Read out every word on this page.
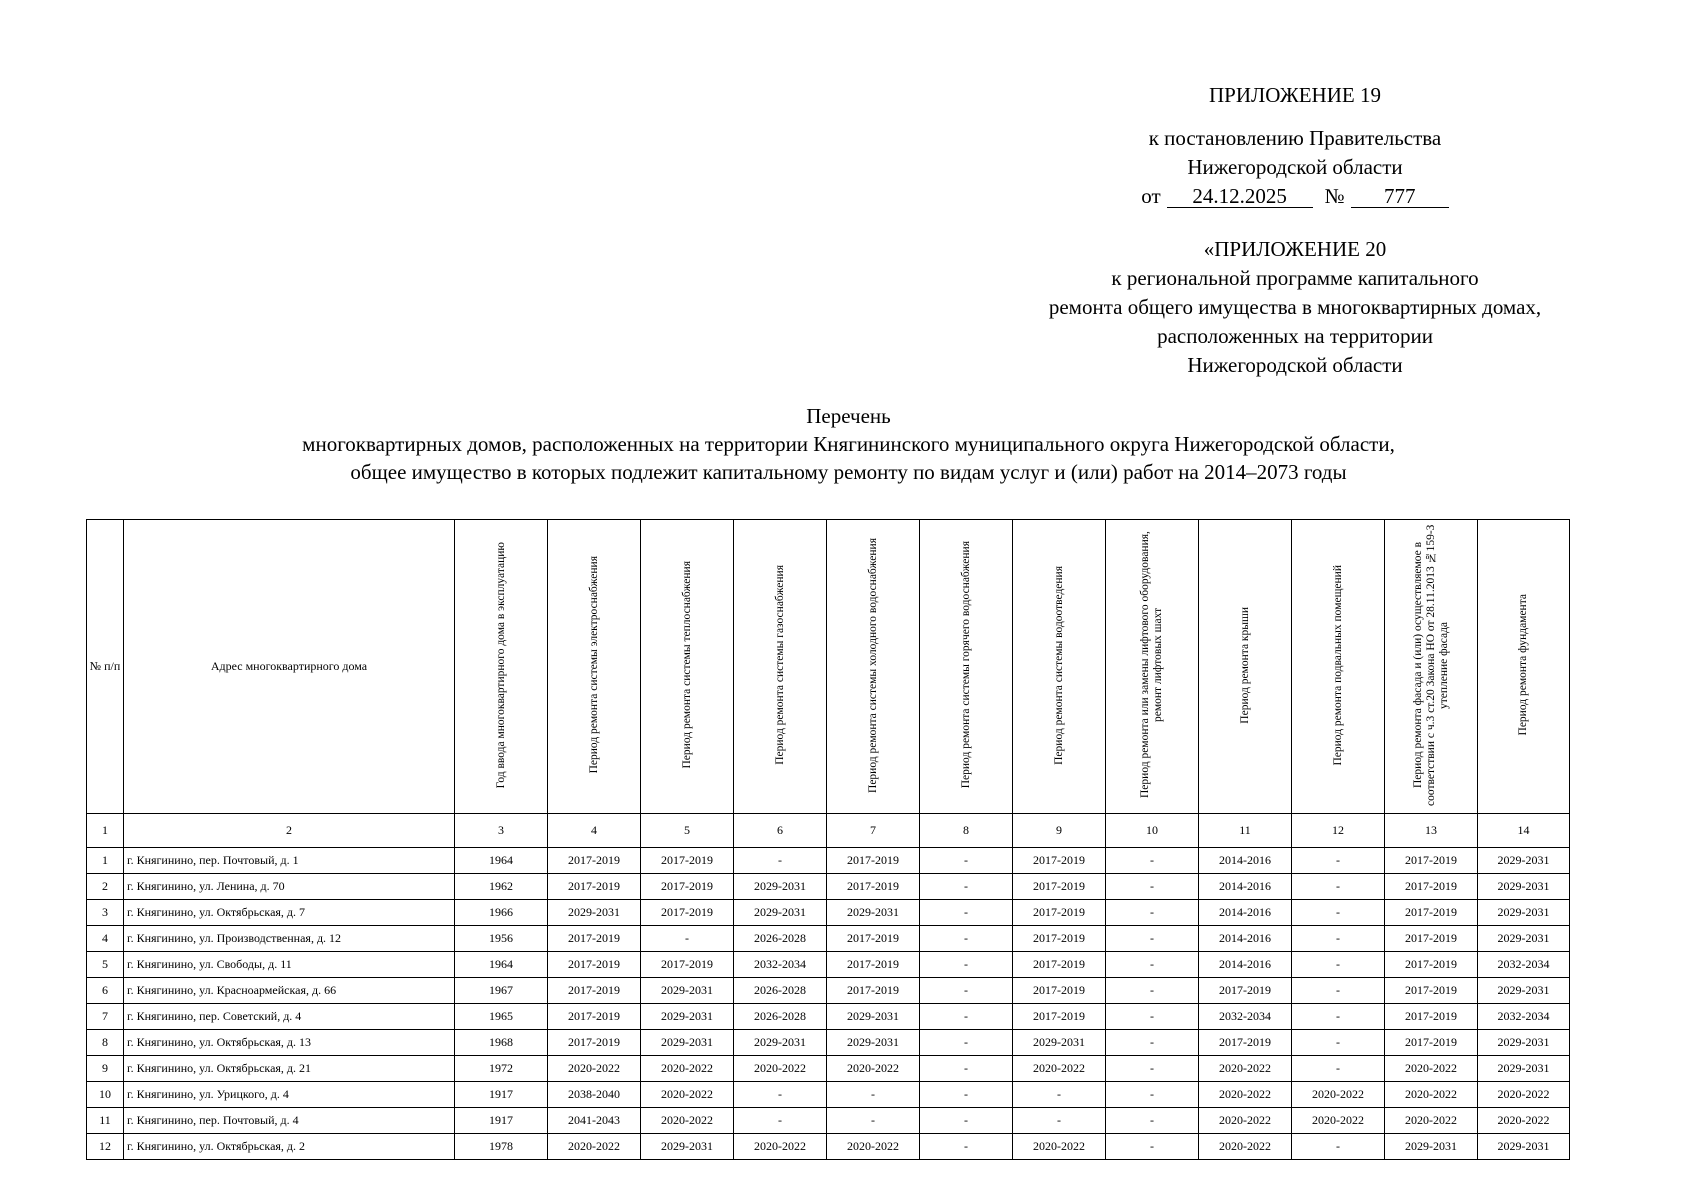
ПРИЛОЖЕНИЕ 19
к постановлению Правительства
Нижегородской области
от	24.12.2025	№	777
«ПРИЛОЖЕНИЕ 20
к региональной программе капитального
ремонта общего имущества в многоквартирных домах,
расположенных на территории
Нижегородской области
Перечень
многоквартирных домов, расположенных на территории Княгининского муниципального округа Нижегородской области,
общее имущество в которых подлежит капитальному ремонту по видам услуг и (или) работ на 2014–2073 годы
№ п/п	Адрес многоквартирного дома	Год ввода многоквартирного дома в эксплуатацию	Период ремонта системы электроснабжения	Период ремонта системы теплоснабжения	Период ремонта системы газоснабжения	Период ремонта системы холодного водоснабжения	Период ремонта системы горячего водоснабжения	Период ремонта системы водоотведения	Период ремонта или замены лифтового оборудования, ремонт лифтовых шахт	Период ремонта крыши	Период ремонта подвальных помещений	Период ремонта фасада и (или) осуществляемое в соответствии с ч.3 ст.20 Закона НО от 28.11.2013 №159-З утепление фасада	Период ремонта фундамента
1	2	3	4	5	6	7	8	9	10	11	12	13	14
1	г. Княгинино, пер. Почтовый, д. 1	1964	2017-2019	2017-2019	-	2017-2019	-	2017-2019	-	2014-2016	-	2017-2019	2029-2031
2	г. Княгинино, ул. Ленина, д. 70	1962	2017-2019	2017-2019	2029-2031	2017-2019	-	2017-2019	-	2014-2016	-	2017-2019	2029-2031
3	г. Княгинино, ул. Октябрьская, д. 7	1966	2029-2031	2017-2019	2029-2031	2029-2031	-	2017-2019	-	2014-2016	-	2017-2019	2029-2031
4	г. Княгинино, ул. Производственная, д. 12	1956	2017-2019	-	2026-2028	2017-2019	-	2017-2019	-	2014-2016	-	2017-2019	2029-2031
5	г. Княгинино, ул. Свободы, д. 11	1964	2017-2019	2017-2019	2032-2034	2017-2019	-	2017-2019	-	2014-2016	-	2017-2019	2032-2034
6	г. Княгинино, ул. Красноармейская, д. 66	1967	2017-2019	2029-2031	2026-2028	2017-2019	-	2017-2019	-	2017-2019	-	2017-2019	2029-2031
7	г. Княгинино, пер. Советский, д. 4	1965	2017-2019	2029-2031	2026-2028	2029-2031	-	2017-2019	-	2032-2034	-	2017-2019	2032-2034
8	г. Княгинино, ул. Октябрьская, д. 13	1968	2017-2019	2029-2031	2029-2031	2029-2031	-	2029-2031	-	2017-2019	-	2017-2019	2029-2031
9	г. Княгинино, ул. Октябрьская, д. 21	1972	2020-2022	2020-2022	2020-2022	2020-2022	-	2020-2022	-	2020-2022	-	2020-2022	2029-2031
10	г. Княгинино, ул. Урицкого, д. 4	1917	2038-2040	2020-2022	-	-	-	-	-	2020-2022	2020-2022	2020-2022	2020-2022
11	г. Княгинино, пер. Почтовый, д. 4	1917	2041-2043	2020-2022	-	-	-	-	-	2020-2022	2020-2022	2020-2022	2020-2022
12	г. Княгинино, ул. Октябрьская, д. 2	1978	2020-2022	2029-2031	2020-2022	2020-2022	-	2020-2022	-	2020-2022	-	2029-2031	2029-2031
